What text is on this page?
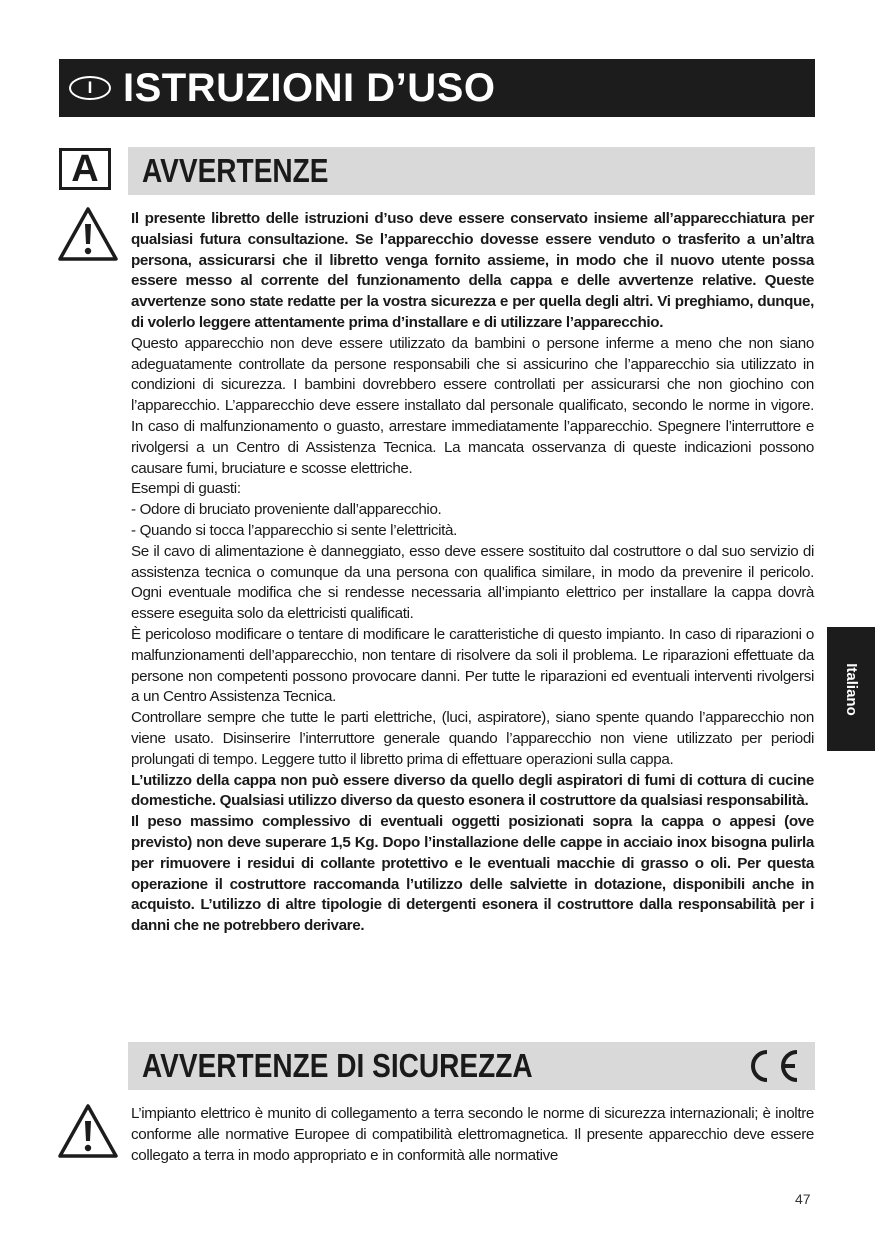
I ISTRUZIONI D’USO
A	AVVERTENZE

Il presente libretto delle istruzioni d’uso deve essere conservato insieme all’apparecchiatura per qualsiasi futura consultazione. Se l’apparecchio dovesse essere venduto o trasferito a un’altra persona, assicurarsi che il libretto venga fornito assieme, in modo che il nuovo utente possa essere messo al corrente del funzionamento della cappa e delle avvertenze relative. Queste avvertenze sono state redatte per la vostra sicurezza e per quella degli altri. Vi preghiamo, dunque, di volerlo leggere attentamente prima d’installare e di utilizzare l’apparecchio.

Questo apparecchio non deve essere utilizzato da bambini o persone inferme a meno che non siano adeguatamente controllate da persone responsabili che si assicurino che l’apparecchio sia utilizzato in condizioni di sicurezza. I bambini dovrebbero essere controllati per assicurarsi che non giochino con l’apparecchio. L’apparecchio deve essere installato dal personale qualificato, secondo le norme in vigore. In caso di malfunzionamento o guasto, arrestare immediatamente l’apparecchio. Spegnere l’interruttore e rivolgersi a un Centro di Assistenza Tecnica. La mancata osservanza di queste indicazioni possono causare fumi, bruciature e scosse elettriche.

Esempi di guasti:

- Odore di bruciato proveniente dall’apparecchio.

- Quando si tocca l’apparecchio si sente l’elettricità.

Se il cavo di alimentazione è danneggiato, esso deve essere sostituito dal costruttore o dal suo servizio di assistenza tecnica o comunque da una persona con qualifica similare, in modo da prevenire il pericolo. Ogni eventuale modifica che si rendesse necessaria all’impianto elettrico per installare la cappa dovrà essere eseguita solo da elettricisti qualificati.

È pericoloso modificare o tentare di modificare le caratteristiche di questo impianto. In caso di riparazioni o malfunzionamenti dell’apparecchio, non tentare di risolvere da soli il problema. Le riparazioni effettuate da persone non competenti possono provocare danni. Per tutte le riparazioni ed eventuali interventi rivolgersi a un Centro Assistenza Tecnica.

Controllare sempre che tutte le parti elettriche, (luci, aspiratore), siano spente quando l’apparecchio non viene usato. Disinserire l’interruttore generale quando l’apparecchio non viene utilizzato per periodi prolungati di tempo. Leggere tutto il libretto prima di effettuare operazioni sulla cappa.

L’utilizzo della cappa non può essere diverso da quello degli aspiratori di fumi di cottura di cucine domestiche. Qualsiasi utilizzo diverso da questo esonera il costruttore da qualsiasi responsabilità.

Il peso massimo complessivo di eventuali oggetti posizionati sopra la cappa o appesi (ove previsto) non deve superare 1,5 Kg. Dopo l’installazione delle cappe in acciaio inox bisogna pulirla per rimuovere i residui di collante protettivo e le eventuali macchie di grasso o oli. Per questa operazione il costruttore raccomanda l’utilizzo delle salviette in dotazione, disponibili anche in acquisto. L’utilizzo di altre tipologie di detergenti esonera il costruttore dalla responsabilità per i danni che ne potrebbero derivare.

AVVERTENZE DI SICUREZZA

L’impianto elettrico è munito di collegamento a terra secondo le norme di sicurezza internazionali; è inoltre conforme alle normative Europee di compatibilità elettromagnetica. Il presente apparecchio deve essere collegato a terra in modo appropriato e in conformità alle normative

Italiano
47
